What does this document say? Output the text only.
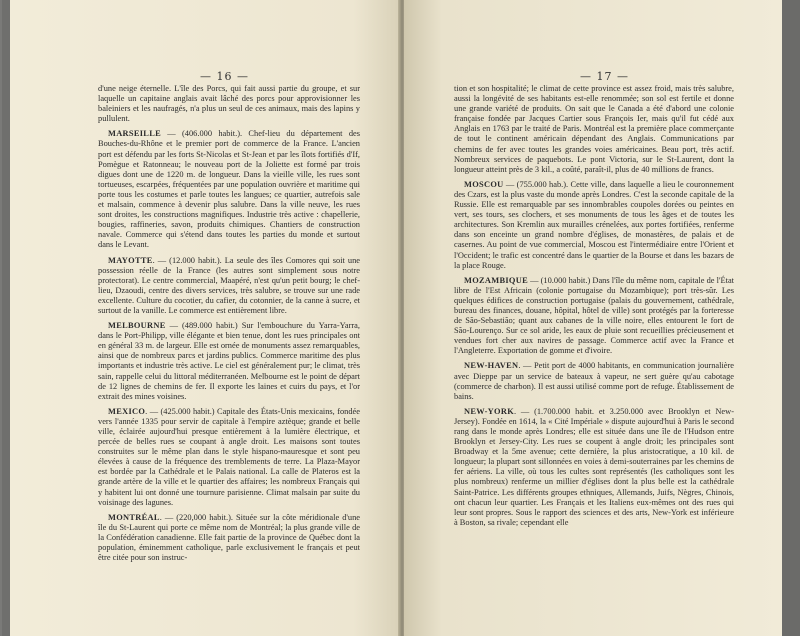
— 16 —

d'une neige éternelle. L'île des Porcs, qui fait aussi partie du groupe, et sur laquelle un capitaine anglais avait lâché des porcs pour approvisionner les baleiniers et les naufragés, n'a plus un seul de ces animaux, mais des lapins y pullulent.

MARSEILLE — (406.000 habit.). Chef-lieu du département des Bouches-du-Rhône et le premier port de commerce de la France. L'ancien port est défendu par les forts St-Nicolas et St-Jean et par les îlots fortifiés d'If, Pomègue et Ratonneau; le nouveau port de la Joliette est formé par trois digues dont une de 1220 m. de longueur. Dans la vieille ville, les rues sont tortueuses, escarpées, fréquentées par une population ouvrière et maritime qui porte tous les costumes et parle toutes les langues; ce quartier, autrefois sale et malsain, commence à devenir plus salubre. Dans la ville neuve, les rues sont droites, les constructions magnifiques. Industrie très active : chapellerie, bougies, raffineries, savon, produits chimiques. Chantiers de construction navale. Commerce qui s'étend dans toutes les parties du monde et surtout dans le Levant.

MAYOTTE. — (12.000 habit.). La seule des îles Comores qui soit une possession réelle de la France (les autres sont simplement sous notre protectorat). Le centre commercial, Maapéré, n'est qu'un petit bourg; le chef-lieu, Dzaoudi, centre des divers services, très salubre, se trouve sur une rade excellente. Culture du cocotier, du cafier, du cotonnier, de la canne à sucre, et surtout de la vanille. Le commerce est entièrement libre.

MELBOURNE — (489.000 habit.) Sur l'embouchure du Yarra-Yarra, dans le Port-Philipp, ville élégante et bien tenue, dont les rues principales ont en général 33 m. de largeur. Elle est ornée de monuments assez remarquables, ainsi que de nombreux parcs et jardins publics. Commerce maritime des plus importants et industrie très active. Le ciel est généralement pur; le climat, très sain, rappelle celui du littoral méditerranéen. Melbourne est le point de départ de 12 lignes de chemins de fer. Il exporte les laines et cuirs du pays, et l'or extrait des mines voisines.

MEXICO. — (425.000 habit.) Capitale des États-Unis mexicains, fondée vers l'année 1335 pour servir de capitale à l'empire aztèque; grande et belle ville, éclairée aujourd'hui presque entièrement à la lumière électrique, et percée de belles rues se coupant à angle droit. Les maisons sont toutes construites sur le même plan dans le style hispano-mauresque et sont peu élevées à cause de la fréquence des tremblements de terre. La Plaza-Mayor est bordée par la Cathédrale et le Palais national. La calle de Plateros est la grande artère de la ville et le quartier des affaires; les nombreux Français qui y habitent lui ont donné une tournure parisienne. Climat malsain par suite du voisinage des lagunes.

MONTRÉAL. — (220,000 habit.). Située sur la côte méridionale d'une île du St-Laurent qui porte ce même nom de Montréal; la plus grande ville de la Confédération canadienne. Elle fait partie de la province de Québec dont la population, éminemment catholique, parle exclusivement le français et peut être citée pour son instruc-

— 17 —

tion et son hospitalité; le climat de cette province est assez froid, mais très salubre, aussi la longévité de ses habitants est-elle renommée; son sol est fertile et donne une grande variété de produits. On sait que le Canada a été d'abord une colonie française fondée par Jacques Cartier sous François Ier, mais qu'il fut cédé aux Anglais en 1763 par le traité de Paris. Montréal est la première place commerçante de tout le continent américain dépendant des Anglais. Communications par chemins de fer avec toutes les grandes voies américaines. Beau port, très actif. Nombreux services de paquebots. Le pont Victoria, sur le St-Laurent, dont la longueur atteint près de 3 kil., a coûté, paraît-il, plus de 40 millions de francs.

MOSCOU — (755.000 hab.). Cette ville, dans laquelle a lieu le couronnement des Czars, est la plus vaste du monde après Londres. C'est la seconde capitale de la Russie. Elle est remarquable par ses innombrables coupoles dorées ou peintes en vert, ses tours, ses clochers, et ses monuments de tous les âges et de toutes les architectures. Son Kremlin aux murailles crénelées, aux portes fortifiées, renferme dans son enceinte un grand nombre d'églises, de monastères, de palais et de casernes. Au point de vue commercial, Moscou est l'intermédiaire entre l'Orient et l'Occident; le trafic est concentré dans le quartier de la Bourse et dans les bazars de la place Rouge.

MOZAMBIQUE — (10.000 habit.) Dans l'île du même nom, capitale de l'État libre de l'Est Africain (colonie portugaise du Mozambique); port très-sûr. Les quelques édifices de construction portugaise (palais du gouvernement, cathédrale, bureau des finances, douane, hôpital, hôtel de ville) sont protégés par la forteresse de São-Sebastião; quant aux cabanes de la ville noire, elles entourent le fort de São-Lourenço. Sur ce sol aride, les eaux de pluie sont recueillies précieusement et vendues fort cher aux navires de passage. Commerce actif avec la France et l'Angleterre. Exportation de gomme et d'ivoire.

NEW-HAVEN. — Petit port de 4000 habitants, en communication journalière avec Dieppe par un service de bateaux à vapeur, ne sert guère qu'au cabotage (commerce de charbon). Il est aussi utilisé comme port de refuge. Établissement de bains.

NEW-YORK. — (1.700.000 habit. et 3.250.000 avec Brooklyn et New-Jersey). Fondée en 1614, la « Cité Impériale » dispute aujourd'hui à Paris le second rang dans le monde après Londres; elle est située dans une île de l'Hudson entre Brooklyn et Jersey-City. Les rues se coupent à angle droit; les principales sont Broadway et la 5me avenue; cette dernière, la plus aristocratique, a 10 kil. de longueur; la plupart sont sillonnées en voies à demi-souterraines par les chemins de fer aériens. La ville, où tous les cultes sont représentés (les catholiques sont les plus nombreux) renferme un millier d'églises dont la plus belle est la cathédrale Saint-Patrice. Les différents groupes ethniques, Allemands, Juifs, Nègres, Chinois, ont chacun leur quartier. Les Français et les Italiens eux-mêmes ont des rues qui leur sont propres. Sous le rapport des sciences et des arts, New-York est inférieure à Boston, sa rivale; cependant elle
